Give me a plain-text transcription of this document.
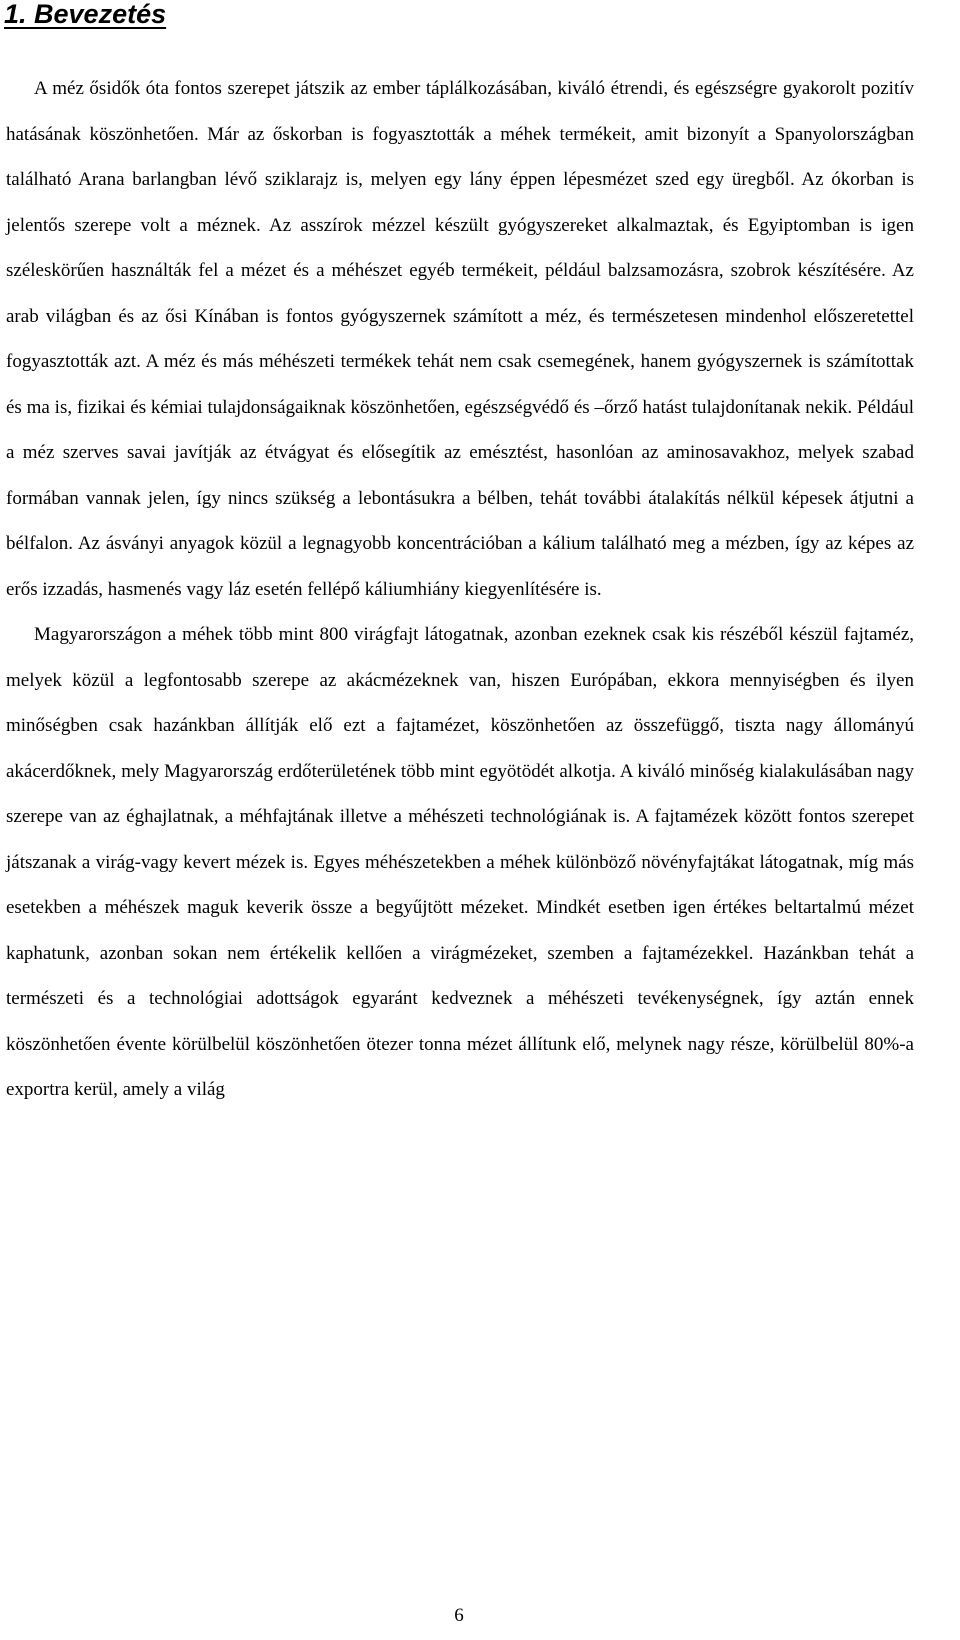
1. Bevezetés

A méz ősidők óta fontos szerepet játszik az ember táplálkozásában, kiváló étrendi, és egészségre gyakorolt pozitív hatásának köszönhetően. Már az őskorban is fogyasztották a méhek termékeit, amit bizonyít a Spanyolországban található Arana barlangban lévő sziklarajz is, melyen egy lány éppen lépesmézet szed egy üregből. Az ókorban is jelentős szerepe volt a méznek. Az asszírok mézzel készült gyógyszereket alkalmaztak, és Egyiptomban is igen széleskörűen használták fel a mézet és a méhészet egyéb termékeit, például balzsamozásra, szobrok készítésére. Az arab világban és az ősi Kínában is fontos gyógyszernek számított a méz, és természetesen mindenhol előszeretettel fogyasztották azt. A méz és más méhészeti termékek tehát nem csak csemegének, hanem gyógyszernek is számítottak és ma is, fizikai és kémiai tulajdonságaiknak köszönhetően, egészségvédő és –őrző hatást tulajdonítanak nekik. Például a méz szerves savai javítják az étvágyat és elősegítik az emésztést, hasonlóan az aminosavakhoz, melyek szabad formában vannak jelen, így nincs szükség a lebontásukra a bélben, tehát további átalakítás nélkül képesek átjutni a bélfalon. Az ásványi anyagok közül a legnagyobb koncentrációban a kálium található meg a mézben, így az képes az erős izzadás, hasmenés vagy láz esetén fellépő káliumhiány kiegyenlítésére is.

Magyarországon a méhek több mint 800 virágfajt látogatnak, azonban ezeknek csak kis részéből készül fajtaméz, melyek közül a legfontosabb szerepe az akácmézeknek van, hiszen Európában, ekkora mennyiségben és ilyen minőségben csak hazánkban állítják elő ezt a fajtamézet, köszönhetően az összefüggő, tiszta nagy állományú akácerdőknek, mely Magyarország erdőterületének több mint egyötödét alkotja. A kiváló minőség kialakulásában nagy szerepe van az éghajlatnak, a méhfajtának illetve a méhészeti technológiának is. A fajtamézek között fontos szerepet játszanak a virág-vagy kevert mézek is. Egyes méhészetekben a méhek különböző növényfajtákat látogatnak, míg más esetekben a méhészek maguk keverik össze a begyűjtött mézeket. Mindkét esetben igen értékes beltartalmú mézet kaphatunk, azonban sokan nem értékelik kellően a virágmézeket, szemben a fajtamézekkel. Hazánkban tehát a természeti és a technológiai adottságok egyaránt kedveznek a méhészeti tevékenységnek, így aztán ennek köszönhetően évente körülbelül köszönhetően ötezer tonna mézet állítunk elő, melynek nagy része, körülbelül 80%-a exportra kerül, amely a világ

6
